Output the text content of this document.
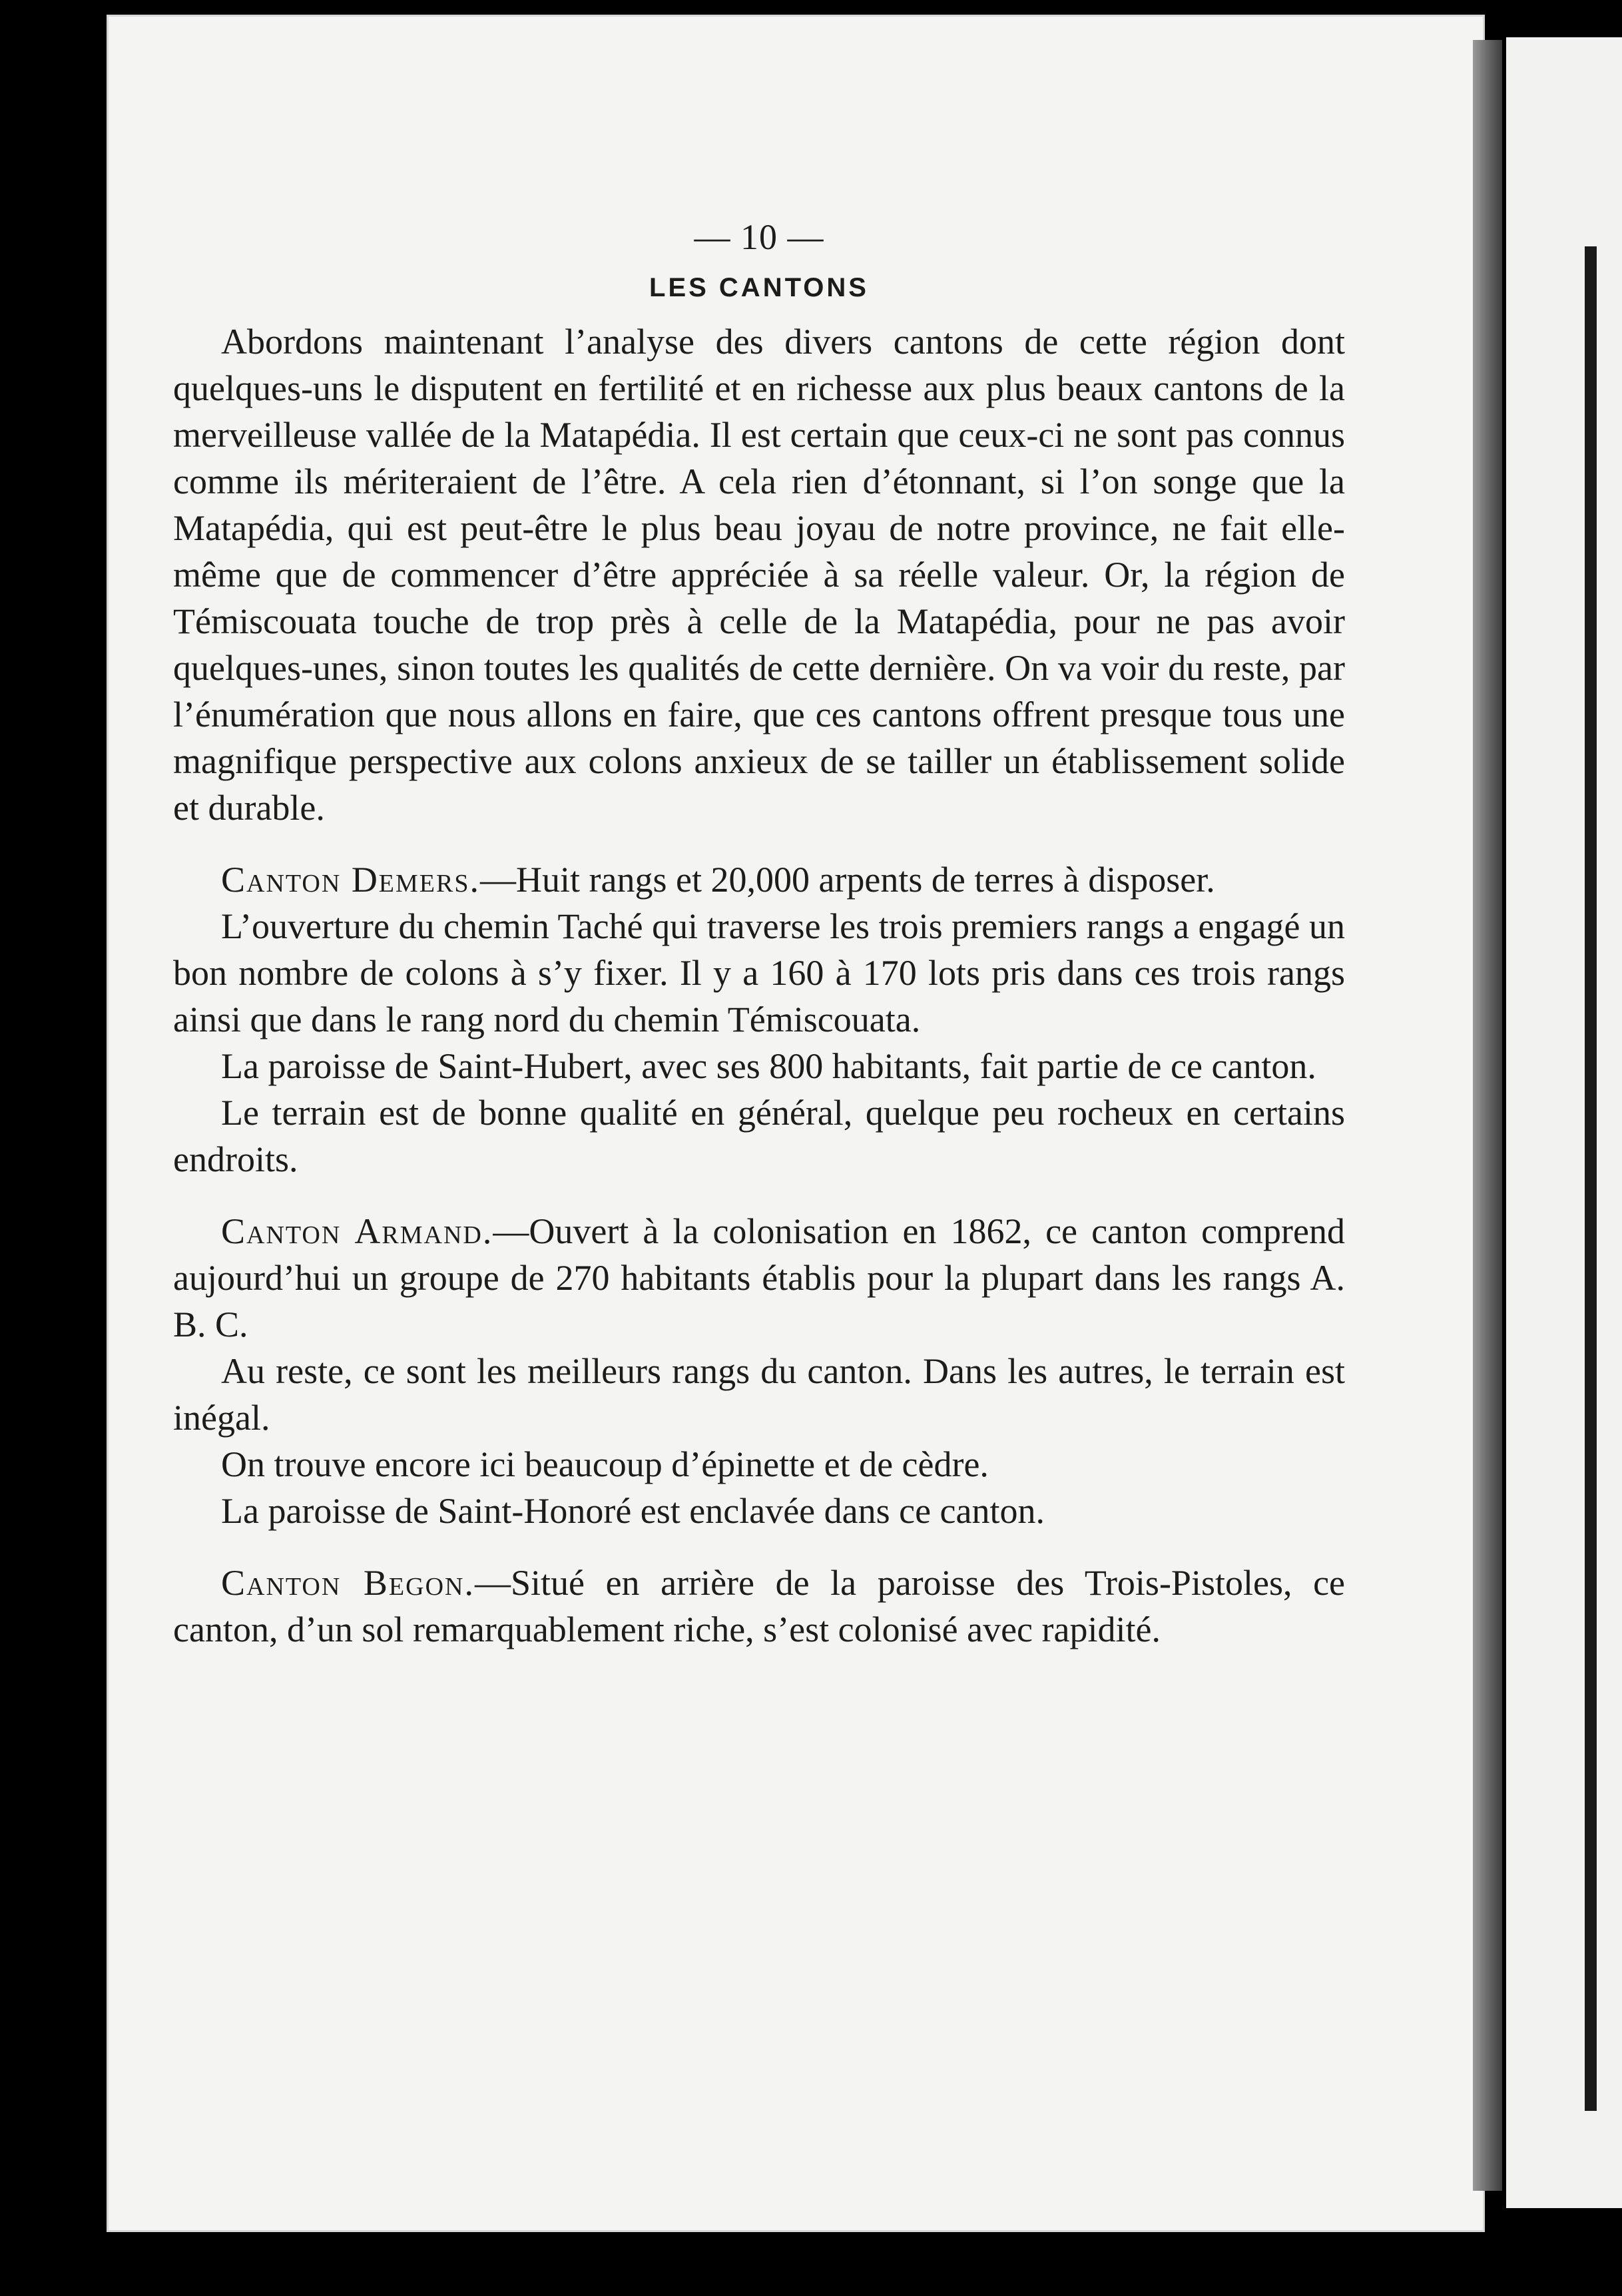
— 10 —
LES CANTONS

Abordons maintenant l’analyse des divers cantons de cette région dont quelques-uns le disputent en fertilité et en richesse aux plus beaux cantons de la merveilleuse vallée de la Matapédia. Il est certain que ceux-ci ne sont pas connus comme ils mériteraient de l’être. A cela rien d’étonnant, si l’on songe que la Matapédia, qui est peut-être le plus beau joyau de notre province, ne fait elle-même que de commencer d’être appréciée à sa réelle valeur. Or, la région de Témiscouata touche de trop près à celle de la Matapédia, pour ne pas avoir quelques-unes, sinon toutes les qualités de cette dernière. On va voir du reste, par l’énumération que nous allons en faire, que ces cantons offrent presque tous une magnifique perspective aux colons anxieux de se tailler un établissement solide et durable.

Canton Demers.—Huit rangs et 20,000 arpents de terres à disposer.

L’ouverture du chemin Taché qui traverse les trois premiers rangs a engagé un bon nombre de colons à s’y fixer. Il y a 160 à 170 lots pris dans ces trois rangs ainsi que dans le rang nord du chemin Témiscouata.

La paroisse de Saint-Hubert, avec ses 800 habitants, fait partie de ce canton.

Le terrain est de bonne qualité en général, quelque peu rocheux en certains endroits.

Canton Armand.—Ouvert à la colonisation en 1862, ce canton comprend aujourd’hui un groupe de 270 habitants établis pour la plupart dans les rangs A. B. C.

Au reste, ce sont les meilleurs rangs du canton. Dans les autres, le terrain est inégal.

On trouve encore ici beaucoup d’épinette et de cèdre.

La paroisse de Saint-Honoré est enclavée dans ce canton.

Canton Begon.—Situé en arrière de la paroisse des Trois-Pistoles, ce canton, d’un sol remarquablement riche, s’est colonisé avec rapidité.
